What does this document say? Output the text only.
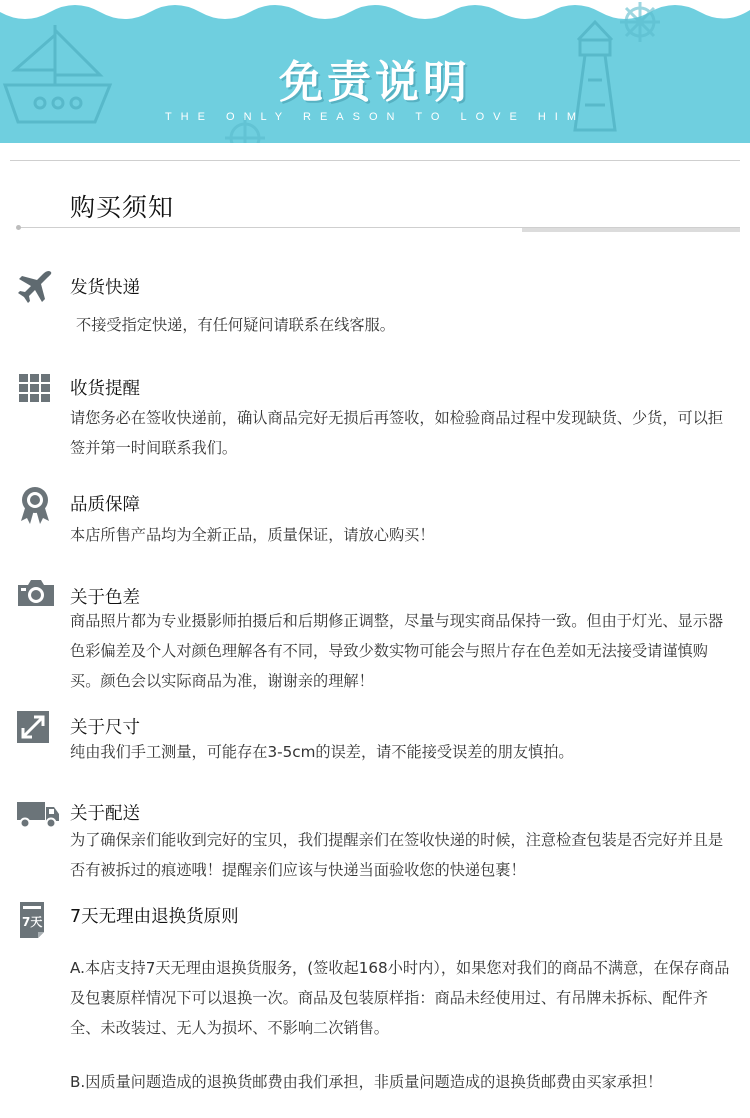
免责说明
THE ONLY REASON TO LOVE HIM
购买须知
发货快递

不接受指定快递，有任何疑问请联系在线客服。

收货提醒

请您务必在签收快递前，确认商品完好无损后再签收，如检验商品过程中发现缺货、少货，可以拒签并第一时间联系我们。

品质保障

本店所售产品均为全新正品，质量保证，请放心购买！

关于色差

商品照片都为专业摄影师拍摄后和后期修正调整，尽量与现实商品保持一致。但由于灯光、显示器色彩偏差及个人对颜色理解各有不同，导致少数实物可能会与照片存在色差如无法接受请谨慎购买。颜色会以实际商品为准，谢谢亲的理解！

关于尺寸

纯由我们手工测量，可能存在3-5cm的误差，请不能接受误差的朋友慎拍。

关于配送

为了确保亲们能收到完好的宝贝，我们提醒亲们在签收快递的时候，注意检查包装是否完好并且是否有被拆过的痕迹哦！提醒亲们应该与快递当面验收您的快递包裹！

7天 7天无理由退换货原则

A.本店支持7天无理由退换货服务，(签收起168小时内），如果您对我们的商品不满意，在保存商品及包裹原样情况下可以退换一次。商品及包装原样指：商品未经使用过、有吊牌未拆标、配件齐全、未改装过、无人为损坏、不影响二次销售。

B.因质量问题造成的退换货邮费由我们承担，非质量问题造成的退换货邮费由买家承担！
